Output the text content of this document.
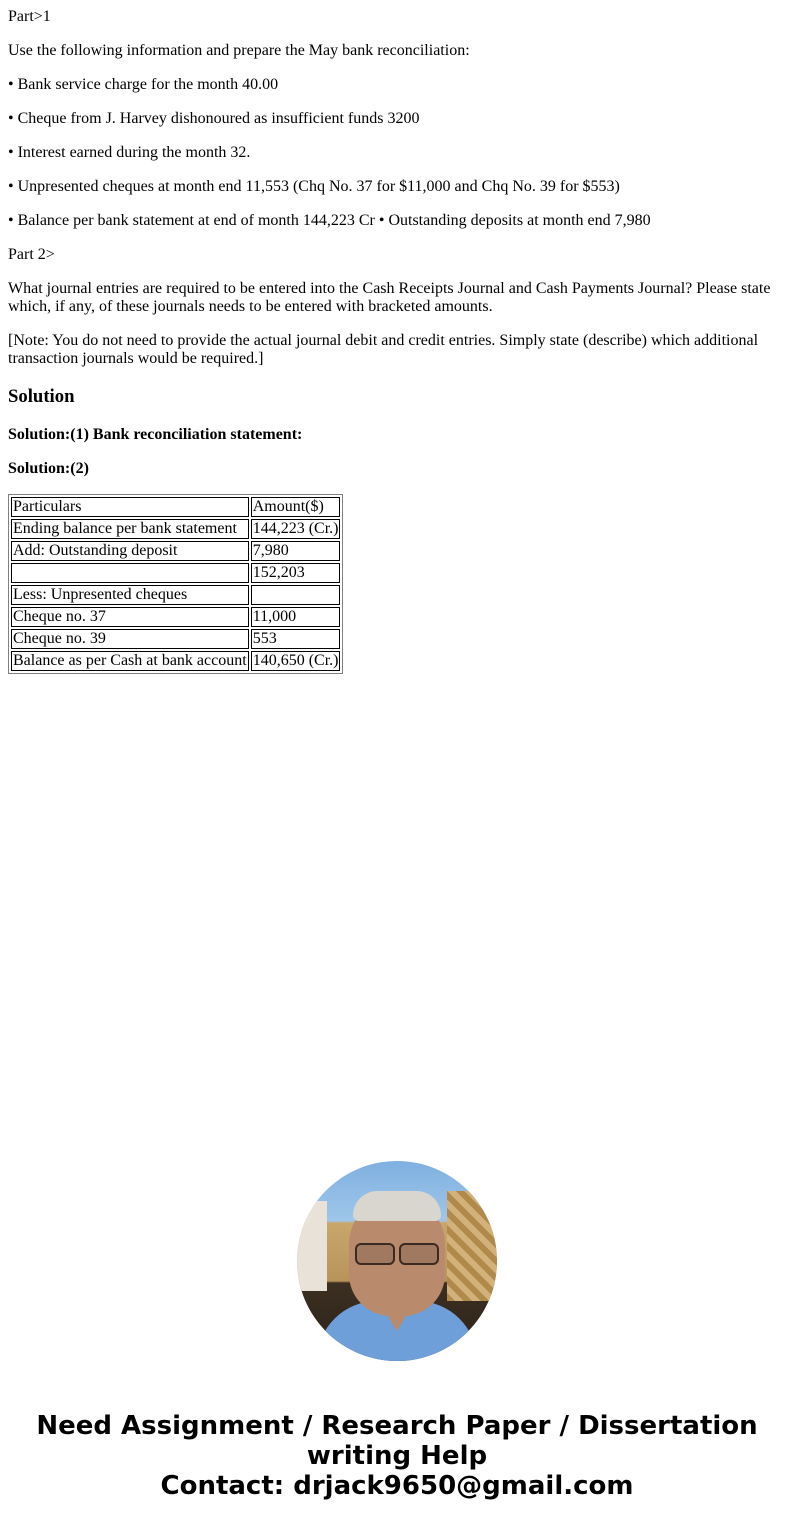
Part>1

Use the following information and prepare the May bank reconciliation:

• Bank service charge for the month 40.00

• Cheque from J. Harvey dishonoured as insufficient funds 3200

• Interest earned during the month 32.

• Unpresented cheques at month end 11,553 (Chq No. 37 for $11,000 and Chq No. 39 for $553)

• Balance per bank statement at end of month 144,223 Cr • Outstanding deposits at month end 7,980

Part 2>

What journal entries are required to be entered into the Cash Receipts Journal and Cash Payments Journal? Please state which, if any, of these journals needs to be entered with bracketed amounts.

[Note: You do not need to provide the actual journal debit and credit entries. Simply state (describe) which additional transaction journals would be required.]

Solution

Solution:(1) Bank reconciliation statement:

Solution:(2)

Particulars	Amount($)
Ending balance per bank statement	144,223 (Cr.)
Add: Outstanding deposit	7,980
	152,203
Less: Unpresented cheques	
Cheque no. 37	11,000
Cheque no. 39	553
Balance as per Cash at bank account	140,650 (Cr.)
Need Assignment / Research Paper / Dissertation
writing Help
Contact: drjack9650@gmail.com
